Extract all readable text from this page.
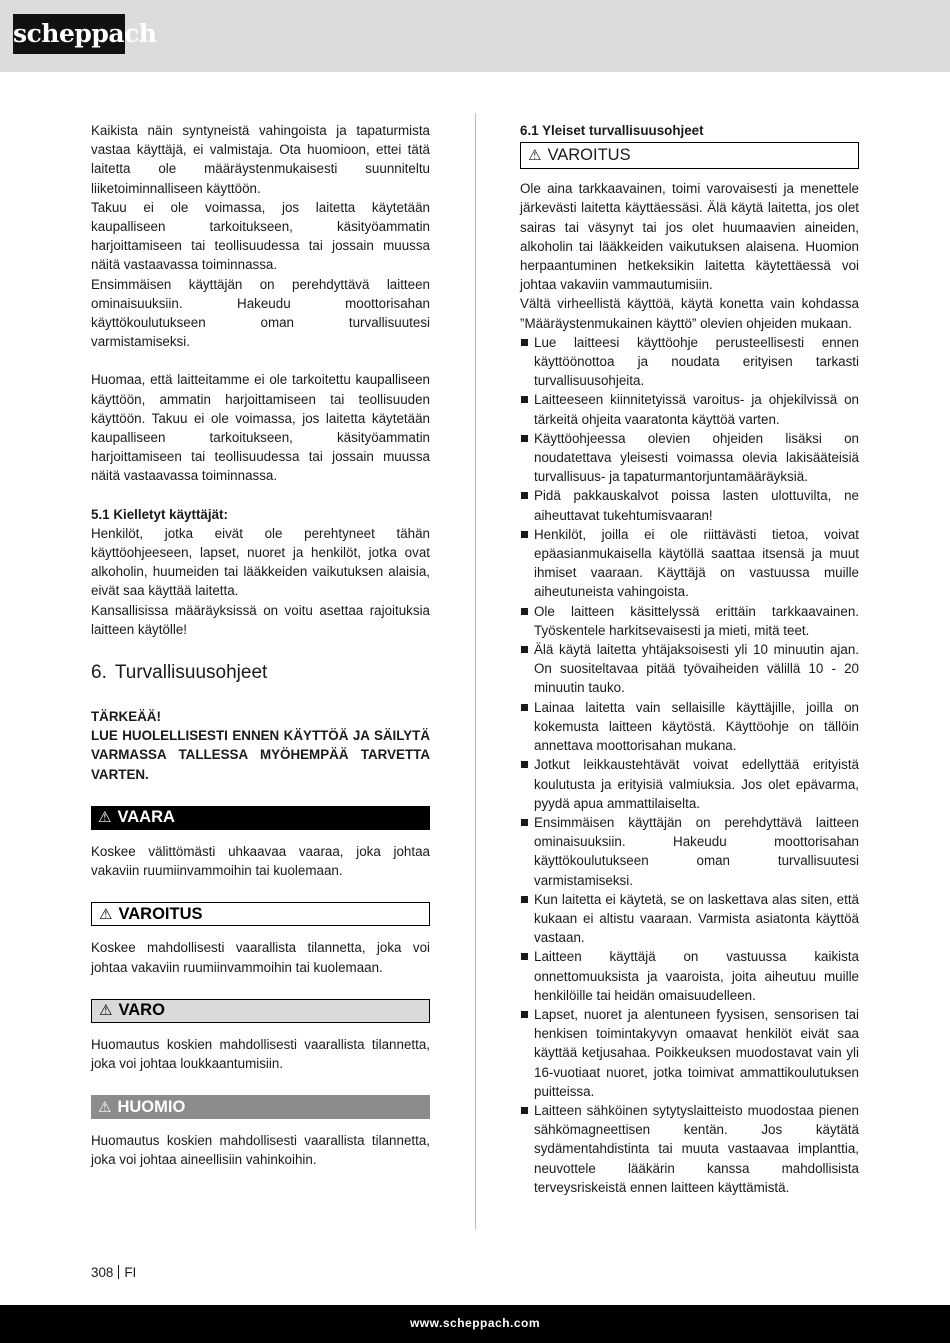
scheppach

Kaikista näin syntyneistä vahingoista ja tapaturmista vastaa käyttäjä, ei valmistaja. Ota huomioon, ettei tätä laitetta ole määräystenmukaisesti suunniteltu liiketoiminnalliseen käyttöön.

Takuu ei ole voimassa, jos laitetta käytetään kaupalliseen tarkoitukseen, käsityöammatin harjoittamiseen tai teollisuudessa tai jossain muussa näitä vastaavassa toiminnassa.

Ensimmäisen käyttäjän on perehdyttävä laitteen ominaisuuksiin. Hakeudu moottorisahan käyttökoulutukseen oman turvallisuutesi varmistamiseksi.

Huomaa, että laitteitamme ei ole tarkoitettu kaupalliseen käyttöön, ammatin harjoittamiseen tai teollisuuden käyttöön. Takuu ei ole voimassa, jos laitetta käytetään kaupalliseen tarkoitukseen, käsityöammatin harjoittamiseen tai teollisuudessa tai jossain muussa näitä vastaavassa toiminnassa.

5.1 Kielletyt käyttäjät:

Henkilöt, jotka eivät ole perehtyneet tähän käyttöohjeeseen, lapset, nuoret ja henkilöt, jotka ovat alkoholin, huumeiden tai lääkkeiden vaikutuksen alaisia, eivät saa käyttää laitetta.

Kansallisissa määräyksissä on voitu asettaa rajoituksia laitteen käytölle!

6. Turvallisuusohjeet

TÄRKEÄÄ!

LUE HUOLELLISESTI ENNEN KÄYTTÖÄ JA SÄILYTÄ VARMASSA TALLESSA MYÖHEMPÄÄ TARVETTA VARTEN.

⚠ VAARA

Koskee välittömästi uhkaavaa vaaraa, joka johtaa vakaviin ruumiinvammoihin tai kuolemaan.

⚠ VAROITUS

Koskee mahdollisesti vaarallista tilannetta, joka voi johtaa vakaviin ruumiinvammoihin tai kuolemaan.

⚠ VARO

Huomautus koskien mahdollisesti vaarallista tilannetta, joka voi johtaa loukkaantumisiin.

⚠ HUOMIO

Huomautus koskien mahdollisesti vaarallista tilannetta, joka voi johtaa aineellisiin vahinkoihin.

6.1 Yleiset turvallisuusohjeet

⚠ VAROITUS

Ole aina tarkkaavainen, toimi varovaisesti ja menettele järkevästi laitetta käyttäessäsi. Älä käytä laitetta, jos olet sairas tai väsynyt tai jos olet huumaavien aineiden, alkoholin tai lääkkeiden vaikutuksen alaisena. Huomion herpaantuminen hetkeksikin laitetta käytettäessä voi johtaa vakaviin vammautumisiin.

Vältä virheellistä käyttöä, käytä konetta vain kohdassa ”Määräystenmukainen käyttö” olevien ohjeiden mukaan.

Lue laitteesi käyttöohje perusteellisesti ennen käyttöönottoa ja noudata erityisen tarkasti turvallisuusohjeita.
Laitteeseen kiinnitetyissä varoitus- ja ohjekilvissä on tärkeitä ohjeita vaaratonta käyttöä varten.
Käyttöohjeessa olevien ohjeiden lisäksi on noudatettava yleisesti voimassa olevia lakisääteisiä turvallisuus- ja tapaturmantorjuntamääräyksiä.
Pidä pakkauskalvot poissa lasten ulottuvilta, ne aiheuttavat tukehtumisvaaran!
Henkilöt, joilla ei ole riittävästi tietoa, voivat epäasianmukaisella käytöllä saattaa itsensä ja muut ihmiset vaaraan. Käyttäjä on vastuussa muille aiheutuneista vahingoista.
Ole laitteen käsittelyssä erittäin tarkkaavainen. Työskentele harkitsevaisesti ja mieti, mitä teet.
Älä käytä laitetta yhtäjaksoisesti yli 10 minuutin ajan. On suositeltavaa pitää työvaiheiden välillä 10 - 20 minuutin tauko.
Lainaa laitetta vain sellaisille käyttäjille, joilla on kokemusta laitteen käytöstä. Käyttöohje on tällöin annettava moottorisahan mukana.
Jotkut leikkaustehtävät voivat edellyttää erityistä koulutusta ja erityisiä valmiuksia. Jos olet epävarma, pyydä apua ammattilaiselta.
Ensimmäisen käyttäjän on perehdyttävä laitteen ominaisuuksiin. Hakeudu moottorisahan käyttökoulutukseen oman turvallisuutesi varmistamiseksi.
Kun laitetta ei käytetä, se on laskettava alas siten, että kukaan ei altistu vaaraan. Varmista asiatonta käyttöä vastaan.
Laitteen käyttäjä on vastuussa kaikista onnettomuuksista ja vaaroista, joita aiheutuu muille henkilöille tai heidän omaisuudelleen.
Lapset, nuoret ja alentuneen fyysisen, sensorisen tai henkisen toimintakyvyn omaavat henkilöt eivät saa käyttää ketjusahaa. Poikkeuksen muodostavat vain yli 16-vuotiaat nuoret, jotka toimivat ammattikoulutuksen puitteissa.
Laitteen sähköinen sytytyslaitteisto muodostaa pienen sähkömagneettisen kentän. Jos käytätä sydämentahdistinta tai muuta vastaavaa implanttia, neuvottele lääkärin kanssa mahdollisista terveysriskeistä ennen laitteen käyttämistä.
308 FI
www.scheppach.com
